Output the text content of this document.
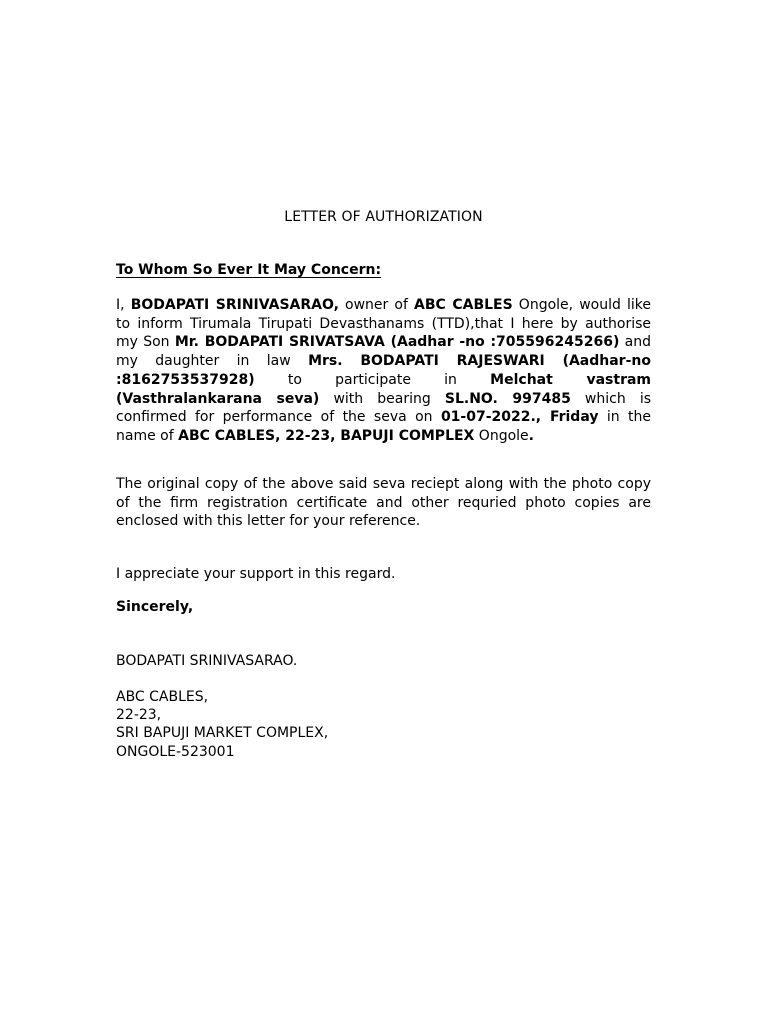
LETTER OF AUTHORIZATION
To Whom So Ever It May Concern:
I, BODAPATI SRINIVASARAO, owner of ABC CABLES Ongole, would like to inform Tirumala Tirupati Devasthanams (TTD),that I here by authorise my Son Mr. BODAPATI SRIVATSAVA (Aadhar -no :705596245266) and my daughter in law Mrs. BODAPATI RAJESWARI (Aadhar-no :8162753537928) to participate in Melchat vastram (Vasthralankarana seva) with bearing SL.NO. 997485 which is confirmed for performance of the seva on 01-07-2022., Friday in the name of ABC CABLES, 22-23, BAPUJI COMPLEX Ongole.
The original copy of the above said seva reciept along with the photo copy of the firm registration certificate and other requried photo copies are enclosed with this letter for your reference.
I appreciate your support in this regard.
Sincerely,
BODAPATI SRINIVASARAO.
ABC CABLES,
22-23,
SRI BAPUJI MARKET COMPLEX,
ONGOLE-523001
